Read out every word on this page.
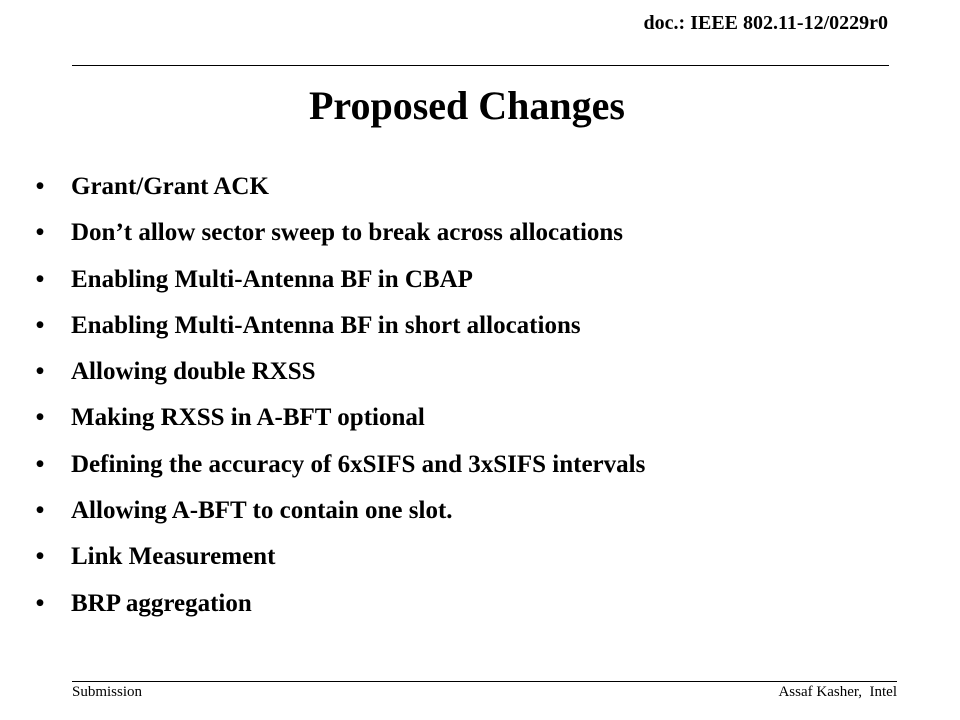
doc.: IEEE 802.11-12/0229r0
Proposed Changes
• Grant/Grant ACK
• Don’t allow sector sweep to break across allocations
• Enabling Multi-Antenna BF in CBAP
• Enabling Multi-Antenna BF in short allocations
• Allowing double RXSS
• Making RXSS in A-BFT optional
• Defining the accuracy of 6xSIFS and 3xSIFS intervals
• Allowing A-BFT to contain one slot.
• Link Measurement
• BRP aggregation
Submission	Assaf Kasher,  Intel
